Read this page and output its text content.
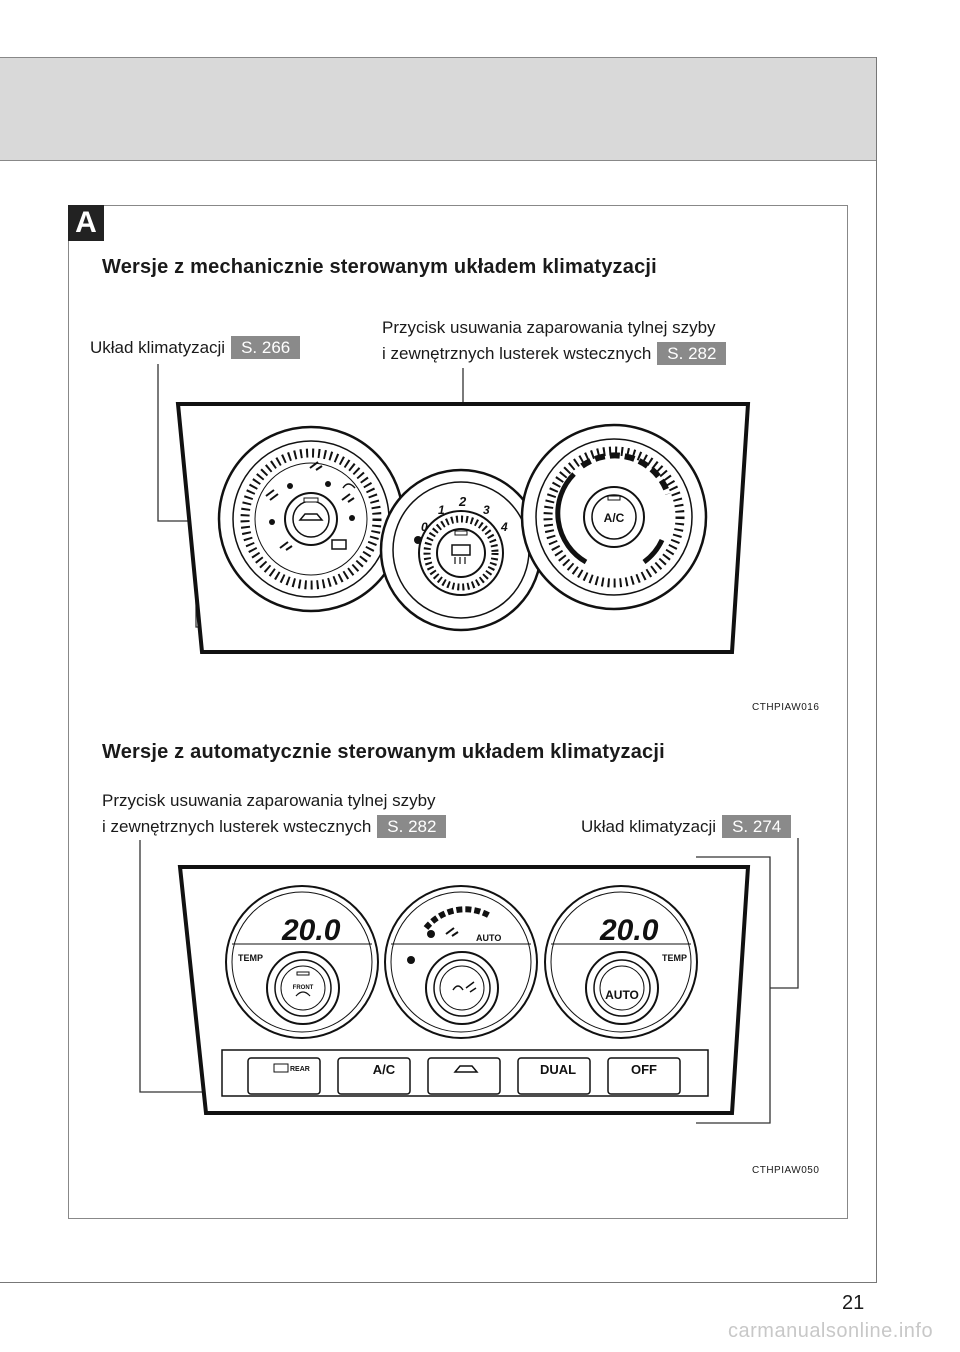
A
Wersje z mechanicznie sterowanym układem klimatyzacji
Układ klimatyzacji S. 266
Przycisk usuwania zaparowania tylnej szyby
i zewnętrznych lusterek wstecznych S. 282
0
1
2
3
4
A/C
CTHPIAW016
Wersje z automatycznie sterowanym układem klimatyzacji
Przycisk usuwania zaparowania tylnej szyby
i zewnętrznych lusterek wstecznych S. 282	Układ klimatyzacji S. 274
20.0
TEMP
FRONT
AUTO	20.0
TEMP
AUTO
REAR	A/C	DUAL	OFF
CTHPIAW050
21
carmanualsonline.info
